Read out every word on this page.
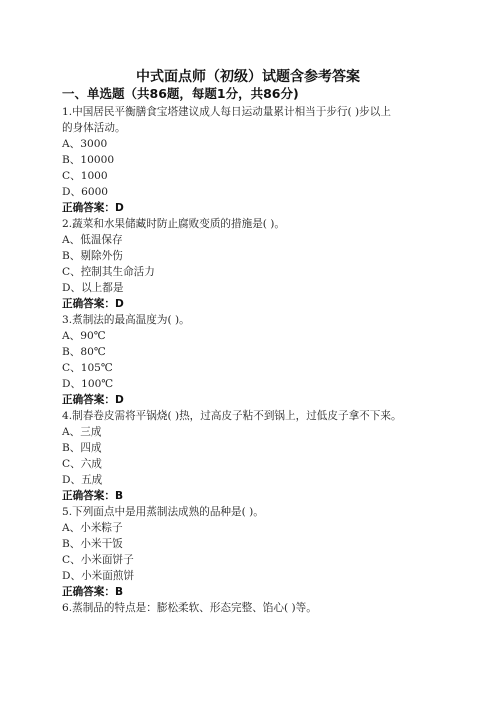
中式面点师（初级）试题含参考答案
一、单选题（共86题，每题1分，共86分)
1.中国居民平衡膳食宝塔建议成人每日运动量累计相当于步行( )步以上
的身体活动。
A、3000
B、10000
C、1000
D、6000
正确答案：D
2.蔬菜和水果储藏时防止腐败变质的措施是( )。
A、低温保存
B、剔除外伤
C、控制其生命活力
D、以上都是
正确答案：D
3.煮制法的最高温度为( )。
A、90℃
B、80℃
C、105℃
D、100℃
正确答案：D
4.制春卷皮需将平锅烧( )热，过高皮子粘不到锅上，过低皮子拿不下来。
A、三成
B、四成
C、六成
D、五成
正确答案：B
5.下列面点中是用蒸制法成熟的品种是( )。
A、小米粽子
B、小米干饭
C、小米面饼子
D、小米面煎饼
正确答案：B
6.蒸制品的特点是：膨松柔软、形态完整、馅心( )等。
